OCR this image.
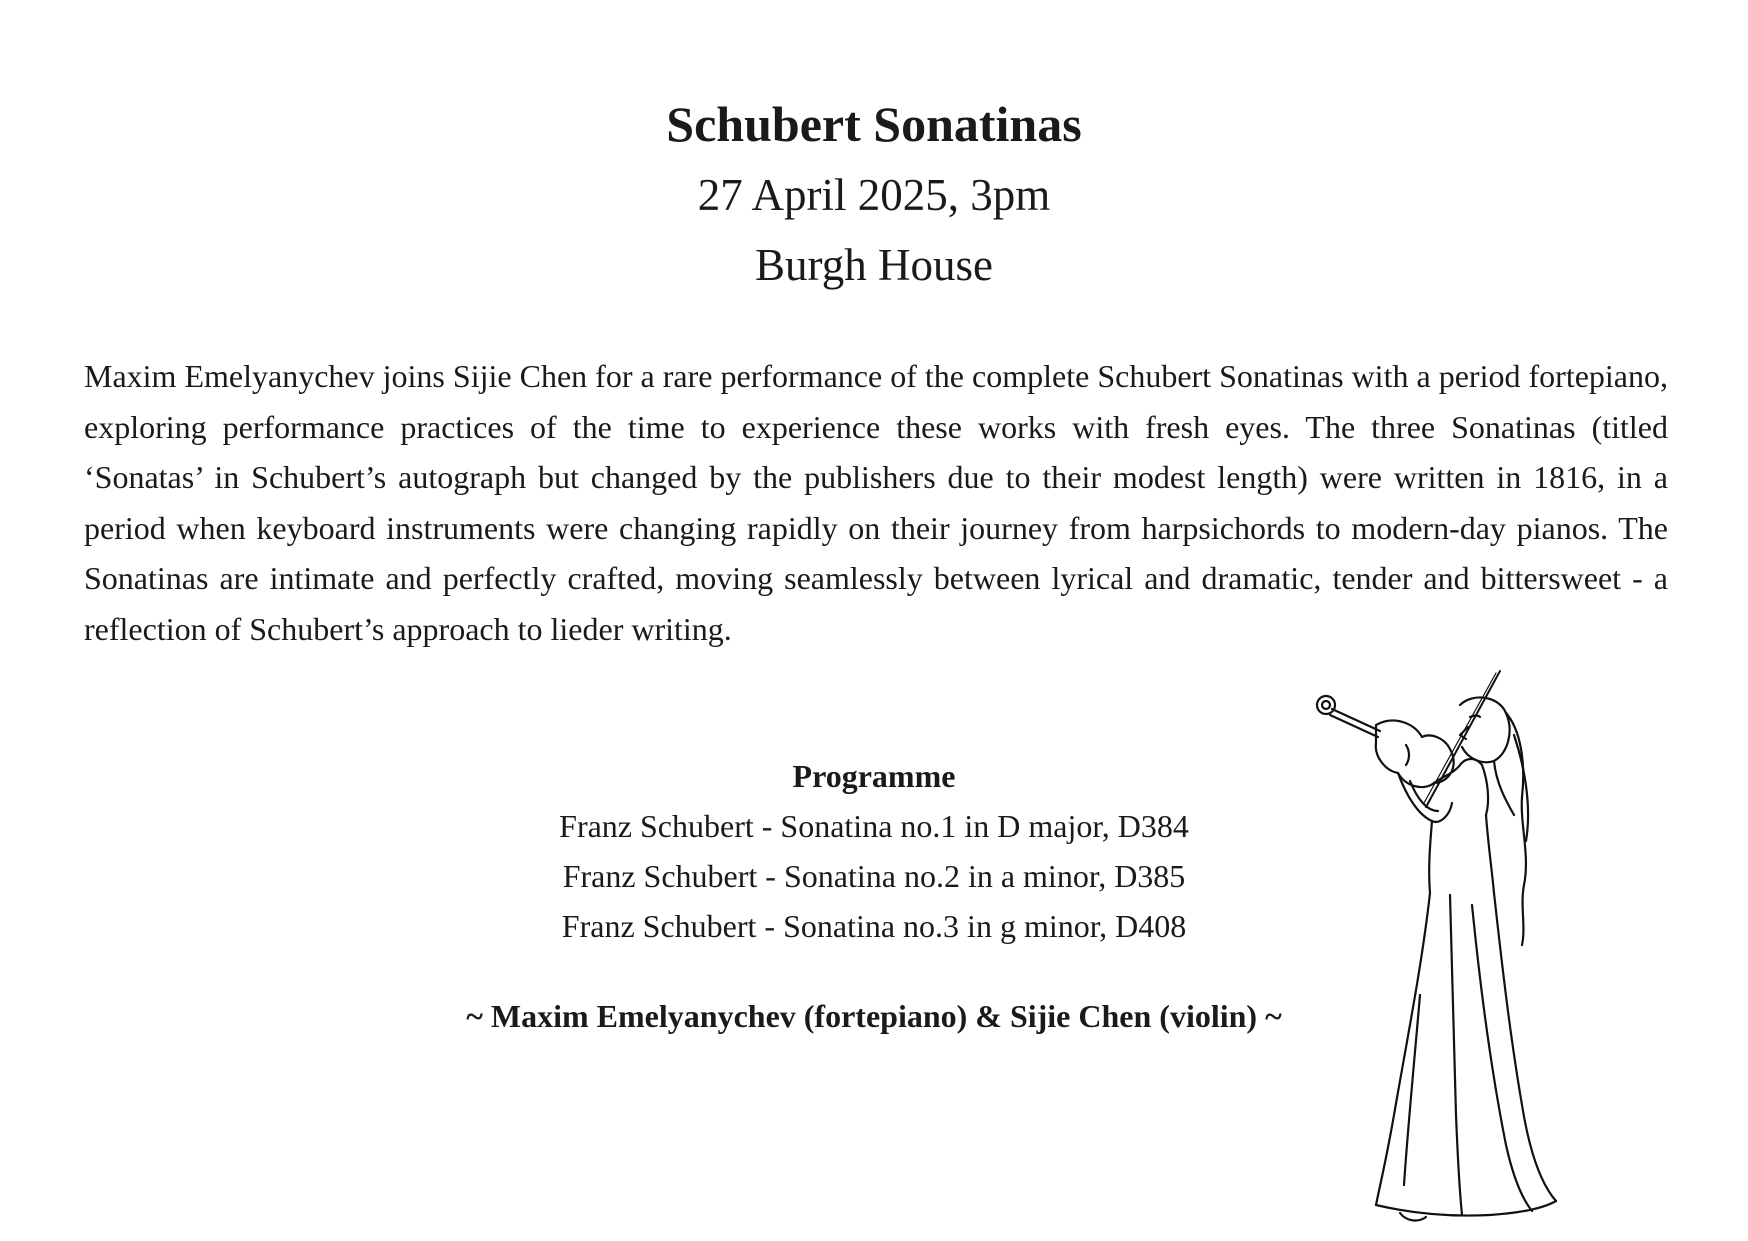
Schubert Sonatinas

27 April 2025, 3pm

Burgh House

Maxim Emelyanychev joins Sijie Chen for a rare performance of the complete Schubert Sonatinas with a period fortepiano, exploring performance practices of the time to experience these works with fresh eyes. The three Sonatinas (titled ‘Sonatas’ in Schubert’s autograph but changed by the publishers due to their modest length) were written in 1816, in a period when keyboard instruments were changing rapidly on their journey from harpsichords to modern-day pianos. The Sonatinas are intimate and perfectly crafted, moving seamlessly between lyrical and dramatic, tender and bittersweet - a reflection of Schubert’s approach to lieder writing.

Programme

Franz Schubert - Sonatina no.1 in D major, D384

Franz Schubert - Sonatina no.2 in a minor, D385

Franz Schubert - Sonatina no.3 in g minor, D408

~ Maxim Emelyanychev (fortepiano) & Sijie Chen (violin) ~
